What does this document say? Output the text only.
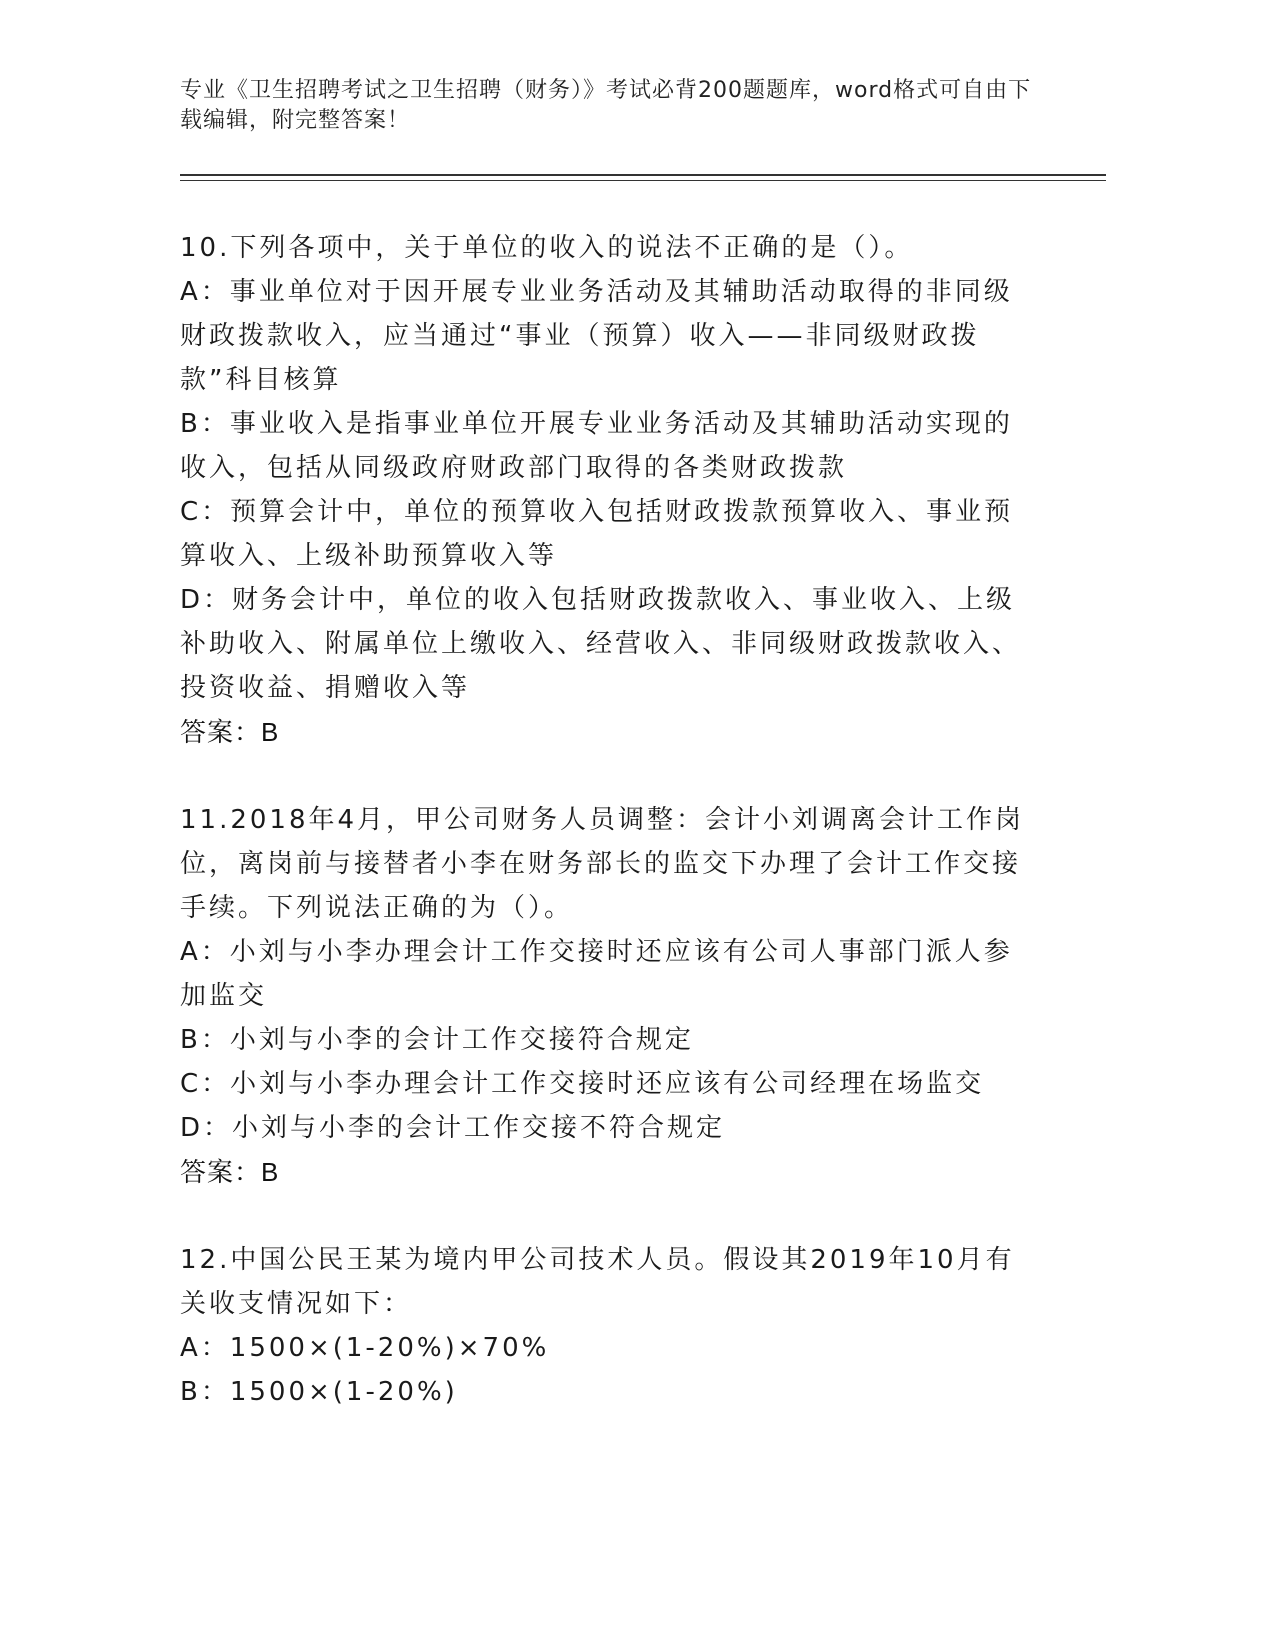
专业《卫生招聘考试之卫生招聘（财务）》考试必背200题题库，word格式可自由下载编辑，附完整答案！

10.下列各项中，关于单位的收入的说法不正确的是（）。

A：事业单位对于因开展专业业务活动及其辅助活动取得的非同级财政拨款收入，应当通过“事业（预算）收入——非同级财政拨款”科目核算

B：事业收入是指事业单位开展专业业务活动及其辅助活动实现的收入，包括从同级政府财政部门取得的各类财政拨款

C：预算会计中，单位的预算收入包括财政拨款预算收入、事业预算收入、上级补助预算收入等

D：财务会计中，单位的收入包括财政拨款收入、事业收入、上级补助收入、附属单位上缴收入、经营收入、非同级财政拨款收入、投资收益、捐赠收入等

答案：B

11.2018年4月，甲公司财务人员调整：会计小刘调离会计工作岗位，离岗前与接替者小李在财务部长的监交下办理了会计工作交接手续。下列说法正确的为（）。

A：小刘与小李办理会计工作交接时还应该有公司人事部门派人参加监交

B：小刘与小李的会计工作交接符合规定

C：小刘与小李办理会计工作交接时还应该有公司经理在场监交

D：小刘与小李的会计工作交接不符合规定

答案：B

12.中国公民王某为境内甲公司技术人员。假设其2019年10月有关收支情况如下：

A：1500×(1-20%)×70%

B：1500×(1-20%)
